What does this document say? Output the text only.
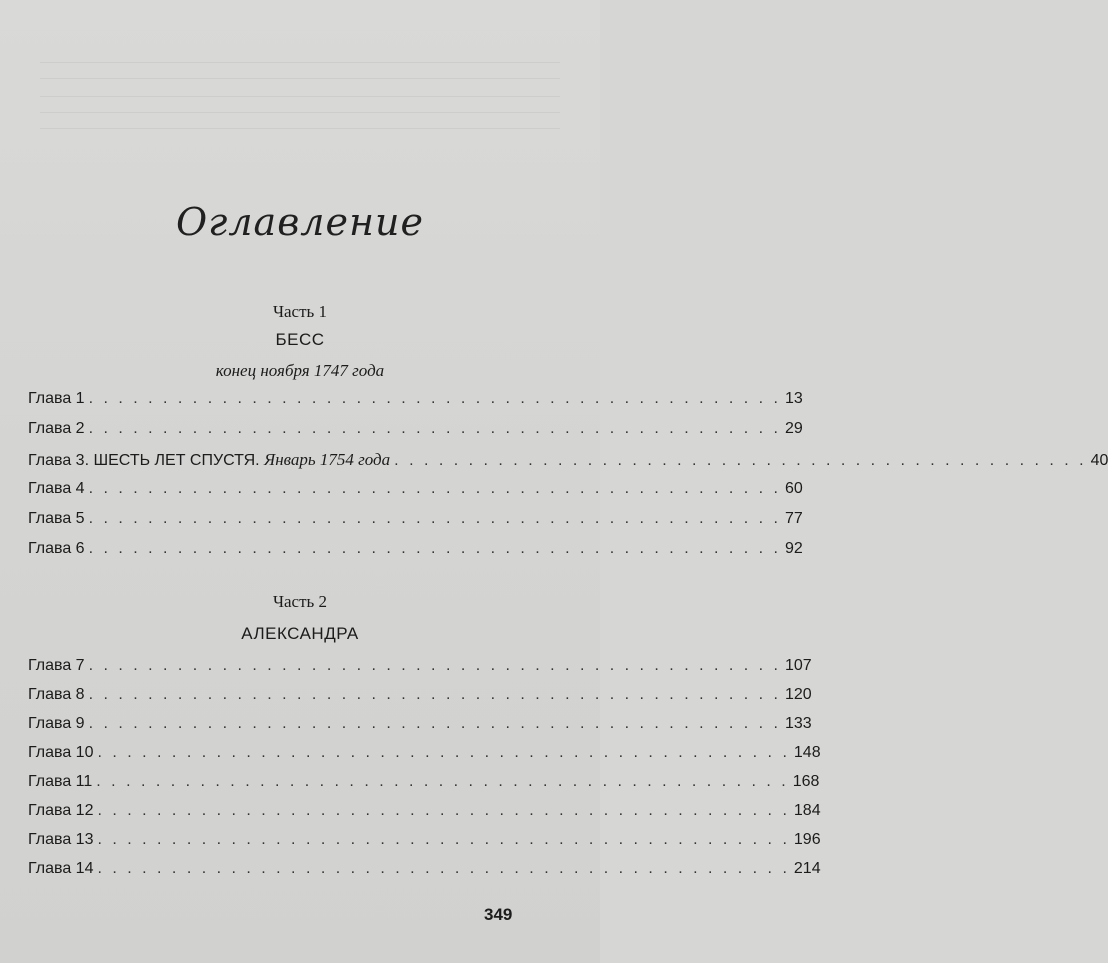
Оглавление
Часть 1
БЕСС
конец ноября 1747 года
Глава 1 . . . . . . . . . . . . . . . . . . . . . . . . . . . . . . . . . . . . . . . . . . . . . . . 13
Глава 2 . . . . . . . . . . . . . . . . . . . . . . . . . . . . . . . . . . . . . . . . . . . . . . . 29
Глава 3. ШЕСТЬ ЛЕТ СПУСТЯ. Январь 1754 года . . . . . . . . . . . . . . . . . . . . . . . . . . . . . . . . . . . . . . . . . . . . . . . 40
Глава 4 . . . . . . . . . . . . . . . . . . . . . . . . . . . . . . . . . . . . . . . . . . . . . . . 60
Глава 5 . . . . . . . . . . . . . . . . . . . . . . . . . . . . . . . . . . . . . . . . . . . . . . . 77
Глава 6 . . . . . . . . . . . . . . . . . . . . . . . . . . . . . . . . . . . . . . . . . . . . . . . 92
Часть 2
АЛЕКСАНДРА
Глава 7 . . . . . . . . . . . . . . . . . . . . . . . . . . . . . . . . . . . . . . . . . . . . . . . 107
Глава 8 . . . . . . . . . . . . . . . . . . . . . . . . . . . . . . . . . . . . . . . . . . . . . . . 120
Глава 9 . . . . . . . . . . . . . . . . . . . . . . . . . . . . . . . . . . . . . . . . . . . . . . . 133
Глава 10 . . . . . . . . . . . . . . . . . . . . . . . . . . . . . . . . . . . . . . . . . . . . . . . 148
Глава 11 . . . . . . . . . . . . . . . . . . . . . . . . . . . . . . . . . . . . . . . . . . . . . . . 168
Глава 12 . . . . . . . . . . . . . . . . . . . . . . . . . . . . . . . . . . . . . . . . . . . . . . . 184
Глава 13 . . . . . . . . . . . . . . . . . . . . . . . . . . . . . . . . . . . . . . . . . . . . . . . 196
Глава 14 . . . . . . . . . . . . . . . . . . . . . . . . . . . . . . . . . . . . . . . . . . . . . . . 214
349
